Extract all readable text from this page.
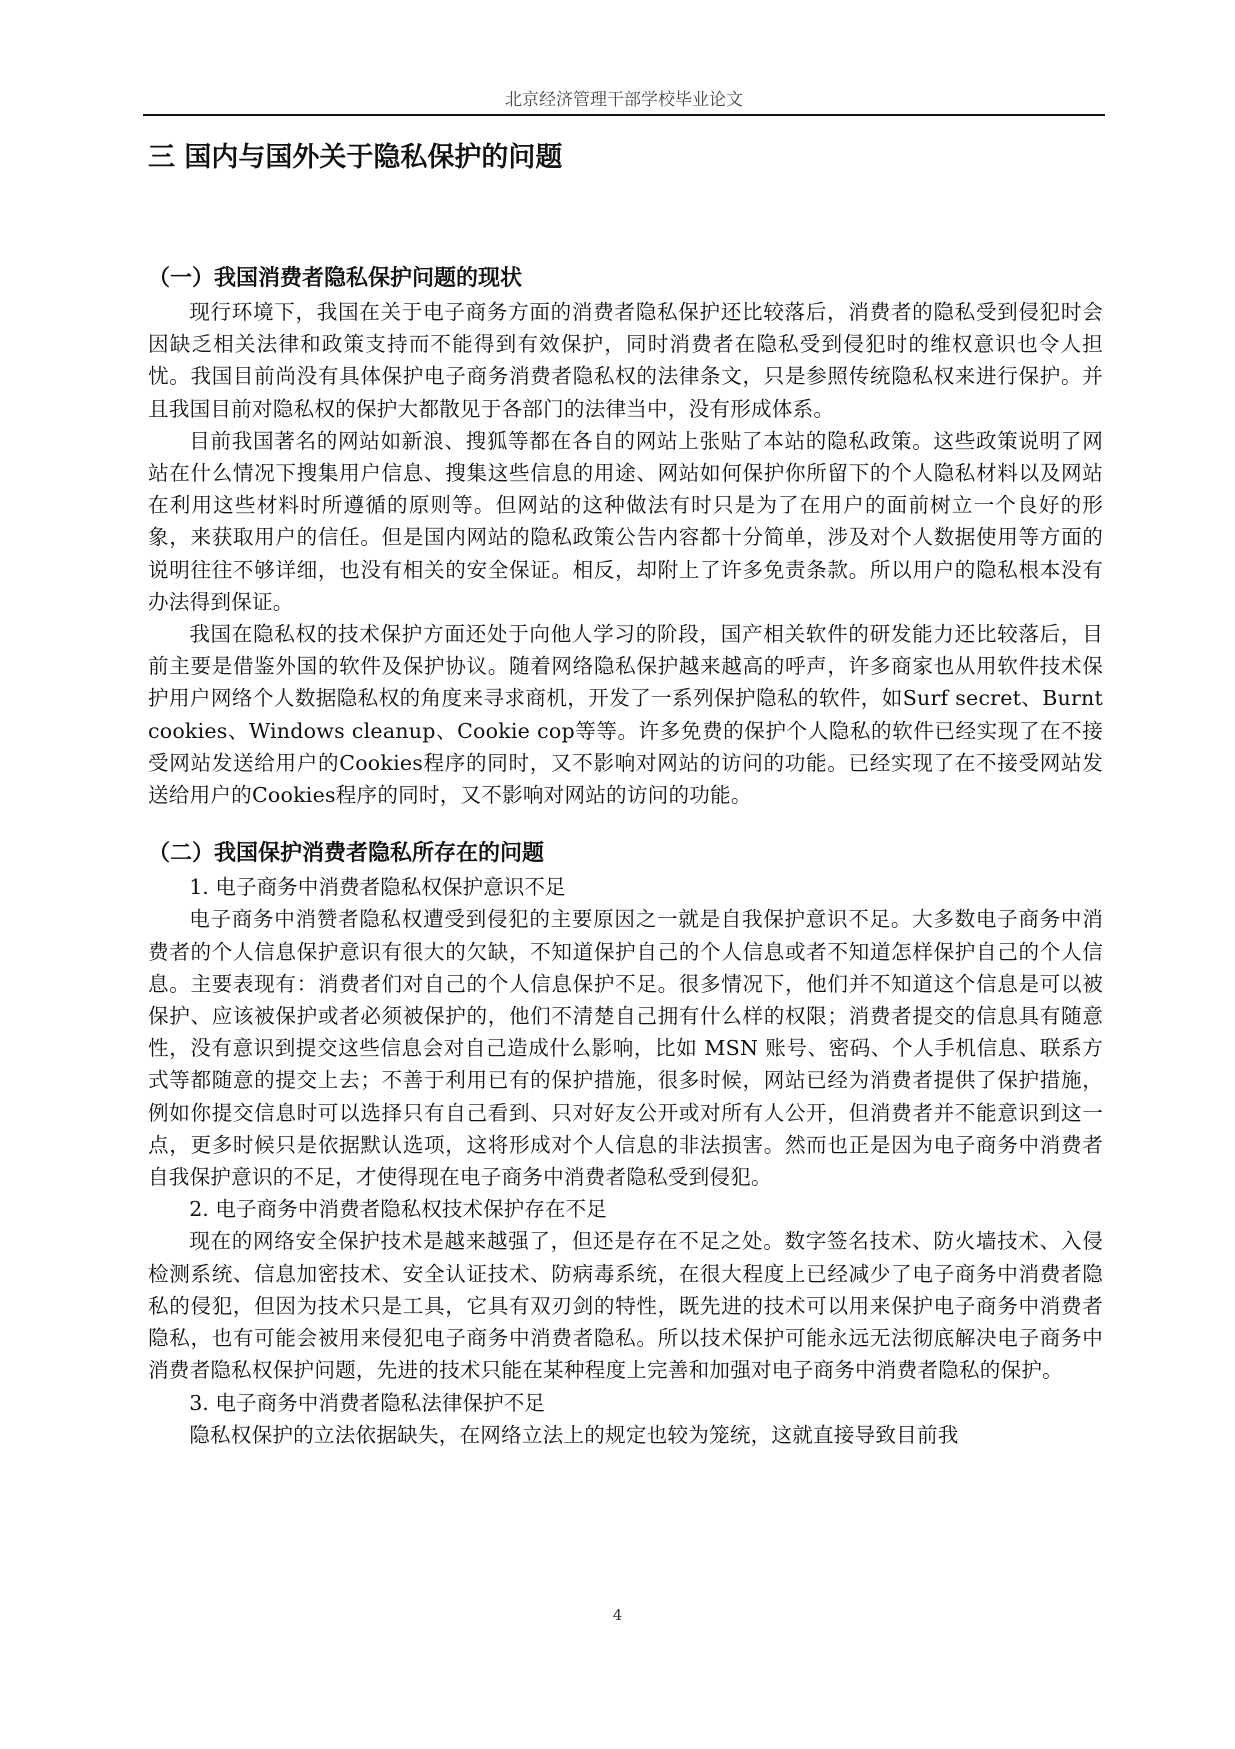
北京经济管理干部学校毕业论文
三 国内与国外关于隐私保护的问题

（一）我国消费者隐私保护问题的现状

现行环境下，我国在关于电子商务方面的消费者隐私保护还比较落后，消费者的隐私受到侵犯时会因缺乏相关法律和政策支持而不能得到有效保护，同时消费者在隐私受到侵犯时的维权意识也令人担忧。我国目前尚没有具体保护电子商务消费者隐私权的法律条文，只是参照传统隐私权来进行保护。并且我国目前对隐私权的保护大都散见于各部门的法律当中，没有形成体系。

目前我国著名的网站如新浪、搜狐等都在各自的网站上张贴了本站的隐私政策。这些政策说明了网站在什么情况下搜集用户信息、搜集这些信息的用途、网站如何保护你所留下的个人隐私材料以及网站在利用这些材料时所遵循的原则等。但网站的这种做法有时只是为了在用户的面前树立一个良好的形象，来获取用户的信任。但是国内网站的隐私政策公告内容都十分简单，涉及对个人数据使用等方面的说明往往不够详细，也没有相关的安全保证。相反，却附上了许多免责条款。所以用户的隐私根本没有办法得到保证。

我国在隐私权的技术保护方面还处于向他人学习的阶段，国产相关软件的研发能力还比较落后，目前主要是借鉴外国的软件及保护协议。随着网络隐私保护越来越高的呼声，许多商家也从用软件技术保护用户网络个人数据隐私权的角度来寻求商机，开发了一系列保护隐私的软件，如Surf secret、Burnt cookies、Windows cleanup、Cookie cop等等。许多免费的保护个人隐私的软件已经实现了在不接受网站发送给用户的Cookies程序的同时，又不影响对网站的访问的功能。已经实现了在不接受网站发送给用户的Cookies程序的同时，又不影响对网站的访问的功能。

（二）我国保护消费者隐私所存在的问题

1. 电子商务中消费者隐私权保护意识不足

电子商务中消赞者隐私权遭受到侵犯的主要原因之一就是自我保护意识不足。大多数电子商务中消费者的个人信息保护意识有很大的欠缺，不知道保护自己的个人信息或者不知道怎样保护自己的个人信息。主要表现有：消费者们对自己的个人信息保护不足。很多情况下，他们并不知道这个信息是可以被保护、应该被保护或者必须被保护的，他们不清楚自己拥有什么样的权限；消费者提交的信息具有随意性，没有意识到提交这些信息会对自己造成什么影响，比如 MSN 账号、密码、个人手机信息、联系方式等都随意的提交上去；不善于利用已有的保护措施，很多时候，网站已经为消费者提供了保护措施，例如你提交信息时可以选择只有自己看到、只对好友公开或对所有人公开，但消费者并不能意识到这一点，更多时候只是依据默认选项，这将形成对个人信息的非法损害。然而也正是因为电子商务中消费者自我保护意识的不足，才使得现在电子商务中消费者隐私受到侵犯。

2. 电子商务中消费者隐私权技术保护存在不足

现在的网络安全保护技术是越来越强了，但还是存在不足之处。数字签名技术、防火墙技术、入侵检测系统、信息加密技术、安全认证技术、防病毒系统，在很大程度上已经减少了电子商务中消费者隐私的侵犯，但因为技术只是工具，它具有双刃剑的特性，既先进的技术可以用来保护电子商务中消费者隐私，也有可能会被用来侵犯电子商务中消费者隐私。所以技术保护可能永远无法彻底解决电子商务中消费者隐私权保护问题，先进的技术只能在某种程度上完善和加强对电子商务中消费者隐私的保护。

3. 电子商务中消费者隐私法律保护不足

隐私权保护的立法依据缺失，在网络立法上的规定也较为笼统，这就直接导致目前我

4
